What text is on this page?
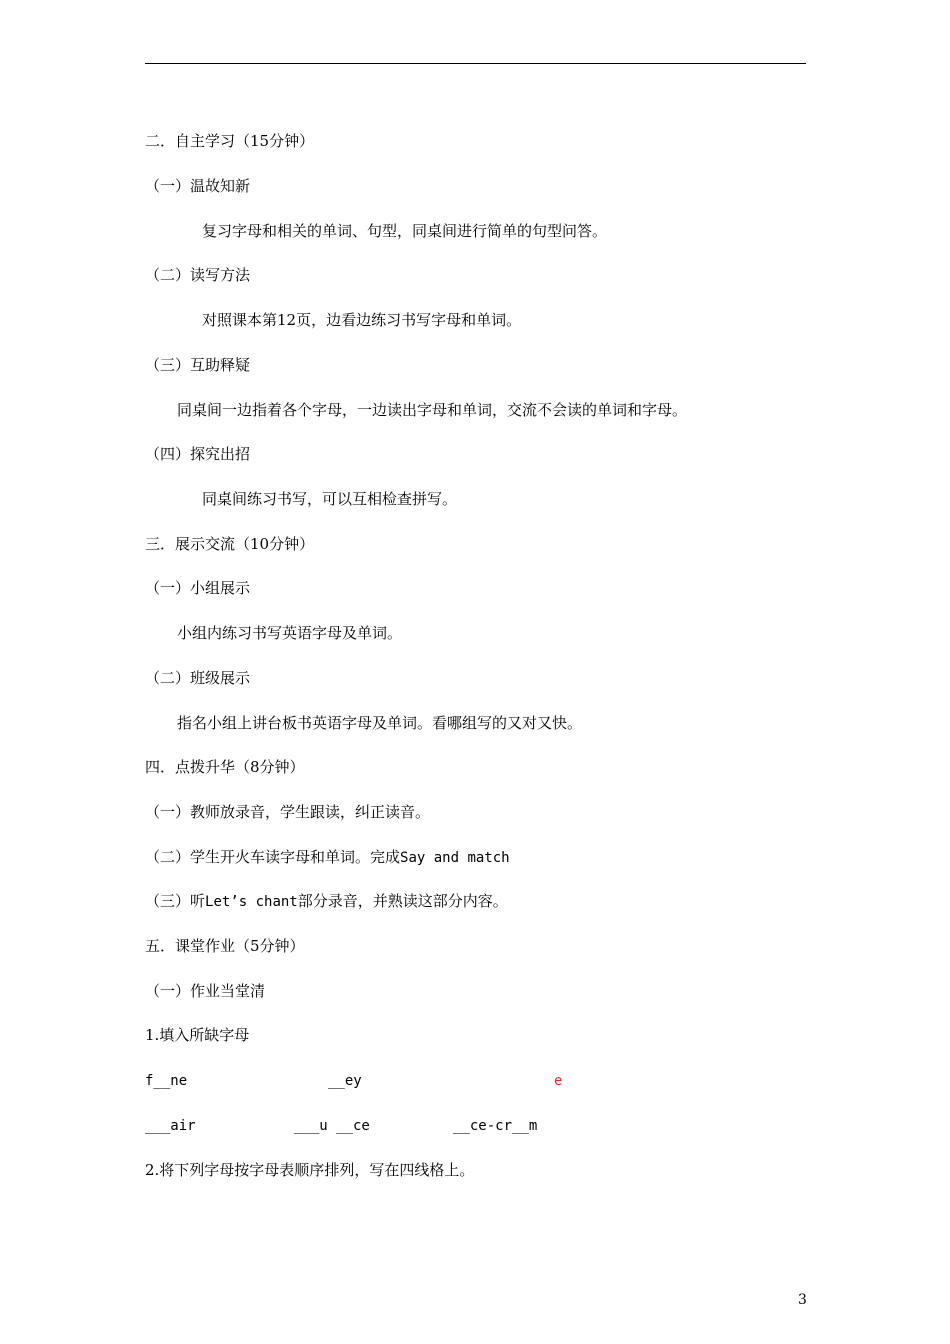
二．自主学习（15分钟）
（一）温故知新
复习字母和相关的单词、句型，同桌间进行简单的句型问答。
（二）读写方法
对照课本第12页，边看边练习书写字母和单词。
（三）互助释疑
同桌间一边指着各个字母，一边读出字母和单词，交流不会读的单词和字母。
（四）探究出招
同桌间练习书写，可以互相检查拼写。
三．展示交流（10分钟）
（一）小组展示
小组内练习书写英语字母及单词。
（二）班级展示
指名小组上讲台板书英语字母及单词。看哪组写的又对又快。
四．点拨升华（8分钟）
（一）教师放录音，学生跟读，纠正读音。
（二）学生开火车读字母和单词。完成Say and match
（三）听Let’s chant部分录音，并熟读这部分内容。
五．课堂作业（5分钟）
（一）作业当堂清
1.填入所缺字母
f__ne	__ey	e
___air	___u __ce	__ce-cr__m
2.将下列字母按字母表顺序排列，写在四线格上。
3
